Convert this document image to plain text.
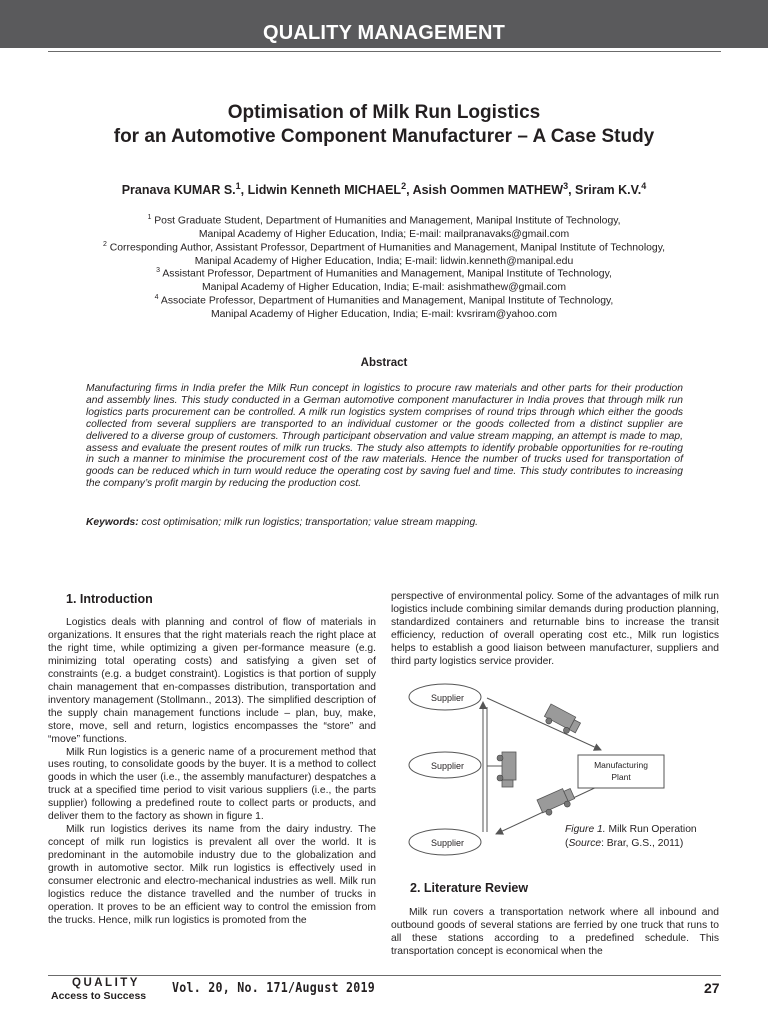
QUALITY MANAGEMENT
Optimisation of Milk Run Logistics
for an Automotive Component Manufacturer – A Case Study
Pranava KUMAR S.$^1$, Lidwin Kenneth MICHAEL$^2$, Asish Oommen MATHEW$^3$, Sriram K.V.$^4$
$^1$ Post Graduate Student, Department of Humanities and Management, Manipal Institute of Technology,
Manipal Academy of Higher Education, India; E-mail: mailpranavaks@gmail.com
$^2$ Corresponding Author, Assistant Professor, Department of Humanities and Management, Manipal Institute of Technology,
Manipal Academy of Higher Education, India; E-mail: lidwin.kenneth@manipal.edu
$^3$ Assistant Professor, Department of Humanities and Management, Manipal Institute of Technology,
Manipal Academy of Higher Education, India; E-mail: asishmathew@gmail.com
$^4$ Associate Professor, Department of Humanities and Management, Manipal Institute of Technology,
Manipal Academy of Higher Education, India; E-mail: kvsriram@yahoo.com
Abstract
Manufacturing firms in India prefer the Milk Run concept in logistics to procure raw materials and other parts for their production and assembly lines. This study conducted in a German automotive component manufacturer in India proves that through milk run logistics parts procurement can be controlled. A milk run logistics system comprises of round trips through which either the goods collected from several suppliers are transported to an individual customer or the goods collected from a distinct supplier are delivered to a diverse group of customers. Through participant observation and value stream mapping, an attempt is made to map, assess and evaluate the present routes of milk run trucks. The study also attempts to identify probable opportunities for re-routing in such a manner to minimise the procurement cost of the raw materials. Hence the number of trucks used for transportation of goods can be reduced which in turn would reduce the operating cost by saving fuel and time. This study contributes to increasing the company’s profit margin by reducing the production cost.
Keywords: cost optimisation; milk run logistics; transportation; value stream mapping.
1. Introduction

Logistics deals with planning and control of flow of materials in organizations. It ensures that the right materials reach the right place at the right time, while optimizing a given per-formance measure (e.g. minimizing total operating costs) and satisfying a given set of constraints (e.g. a budget constraint). Logistics is that portion of supply chain management that en-compasses distribution, transportation and inventory management (Stollmann., 2013). The simplified description of the supply chain management functions include – plan, buy, make, store, move, sell and return, logistics encompasses the “store” and “move” functions.

Milk Run logistics is a generic name of a procurement method that uses routing, to consolidate goods by the buyer. It is a method to collect goods in which the user (i.e., the assembly manufacturer) despatches a truck at a specified time period to visit various suppliers (i.e., the parts supplier) following a predefined route to collect parts or products, and deliver them to the factory as shown in figure 1.

Milk run logistics derives its name from the dairy industry. The concept of milk run logistics is prevalent all over the world. It is predominant in the automobile industry due to the globalization and growth in automotive sector. Milk run logistics is effectively used in consumer electronic and electro-mechanical industries as well. Milk run logistics reduce the distance travelled and the number of trucks in operation. It proves to be an efficient way to control the emission from the trucks. Hence, milk run logistics is promoted from the

perspective of environmental policy. Some of the advantages of milk run logistics include combining similar demands during production planning, standardized containers and returnable bins to increase the transit efficiency, reduction of overall operating cost etc., Milk run logistics helps to establish a good liaison between manufacturer, suppliers and third party logistics service provider.

Supplier
Supplier
Supplier
Manufacturing
Plant
Figure 1. Milk Run Operation
(Source: Brar, G.S., 2011)
2. Literature Review

Milk run covers a transportation network where all inbound and outbound goods of several stations are ferried by one truck that runs to all these stations according to a predefined schedule. This transportation concept is economical when the

QUALITY
Access to Success Vol. 20, No. 171/August 2019	27
